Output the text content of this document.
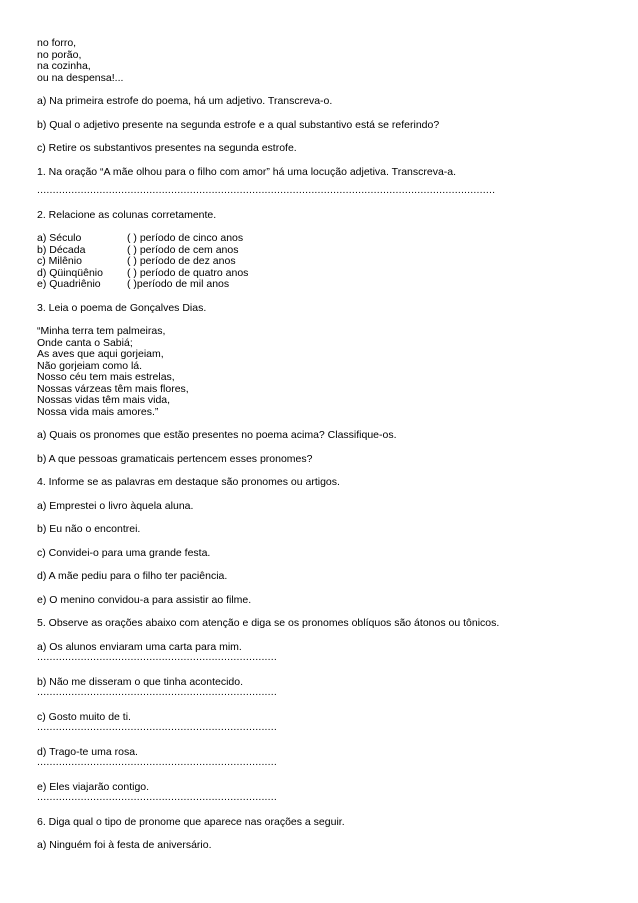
no forro,
no porão,
na cozinha,
ou na despensa!...
a) Na primeira estrofe do poema, há um adjetivo. Transcreva-o.
b) Qual o adjetivo presente na segunda estrofe e a qual substantivo está se referindo?
c) Retire os substantivos presentes na segunda estrofe.
1. Na oração “A mãe olhou para o filho com amor” há uma locução adjetiva. Transcreva-a.
...................................................................................................................................................
2. Relacione as colunas corretamente.
a) Século	( ) período de cinco anos
b) Década	( ) período de cem anos
c) Milênio	( ) período de dez anos
d) Qüinqüênio	( ) período de quatro anos
e) Quadriênio	( )período de mil anos
3. Leia o poema de Gonçalves Dias.
“Minha terra tem palmeiras,
Onde canta o Sabiá;
As aves que aqui gorjeiam,
Não gorjeiam como lá.
Nosso céu tem mais estrelas,
Nossas várzeas têm mais flores,
Nossas vidas têm mais vida,
Nossa vida mais amores.”
a) Quais os pronomes que estão presentes no poema acima? Classifique-os.
b) A que pessoas gramaticais pertencem esses pronomes?
4. Informe se as palavras em destaque são pronomes ou artigos.
a) Emprestei o livro àquela aluna.
b) Eu não o encontrei.
c) Convidei-o para uma grande festa.
d) A mãe pediu para o filho ter paciência.
e) O menino convidou-a para assistir ao filme.
5. Observe as orações abaixo com atenção e diga se os pronomes oblíquos são átonos ou tônicos.
a) Os alunos enviaram uma carta para mim.
.............................................................................
b) Não me disseram o que tinha acontecido.
.............................................................................
c) Gosto muito de ti.
.............................................................................
d) Trago-te uma rosa.
.............................................................................
e) Eles viajarão contigo.
.............................................................................
6. Diga qual o tipo de pronome que aparece nas orações a seguir.
a) Ninguém foi à festa de aniversário.
